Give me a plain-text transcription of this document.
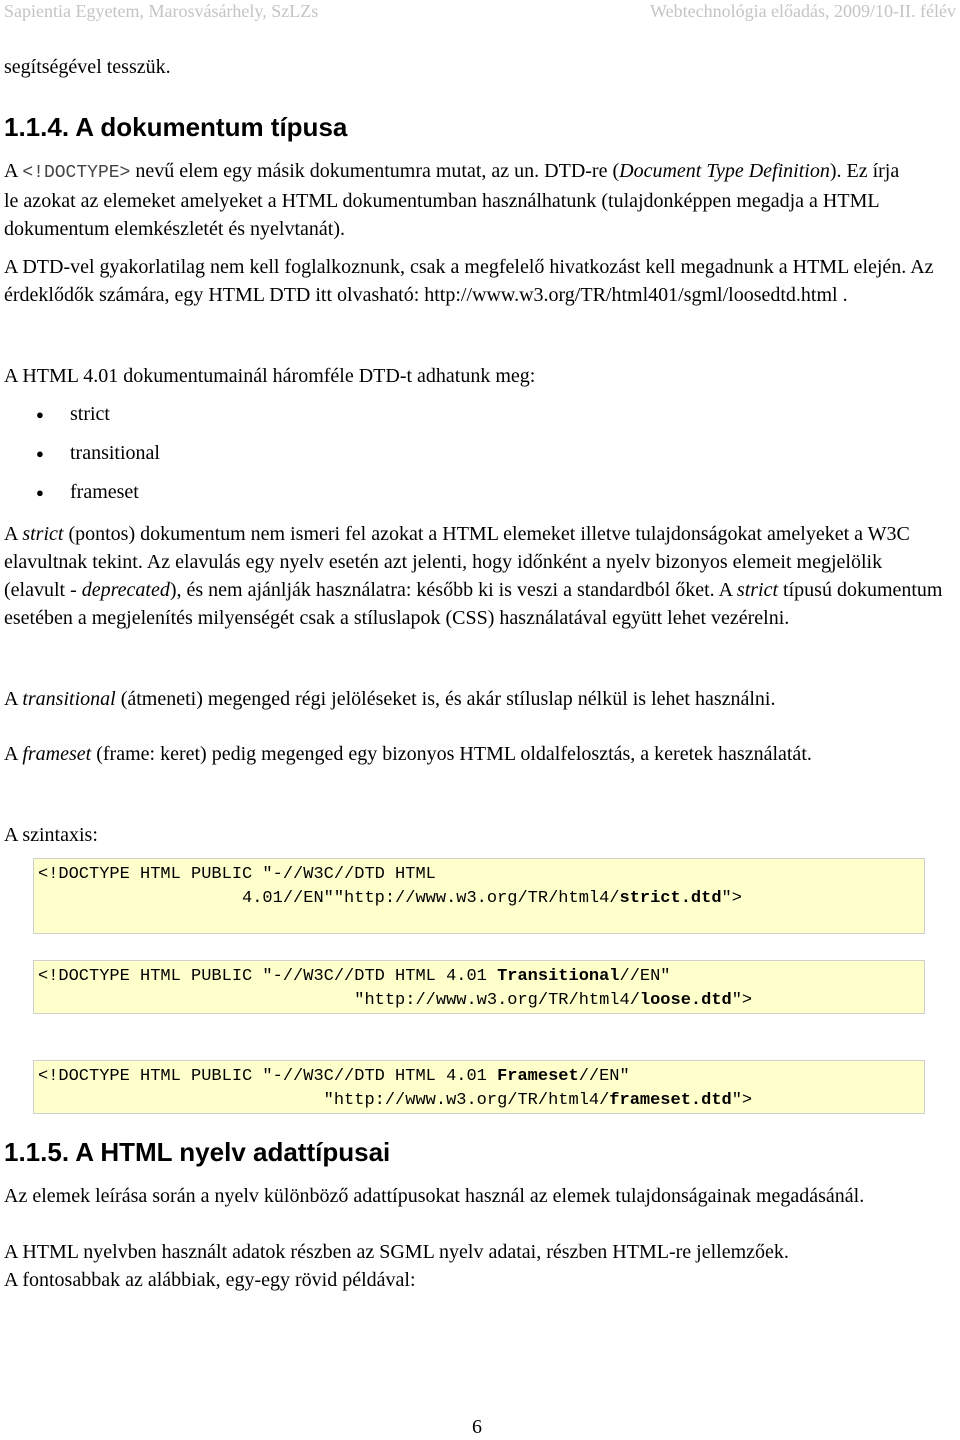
Sapientia Egyetem, Marosvásárhely, SzLZs	Webtechnológia előadás, 2009/10-II. félév

segítségével tesszük.

1.1.4. A dokumentum típusa

A <!DOCTYPE> nevű elem egy másik dokumentumra mutat, az un. DTD-re (Document Type Definition). Ez írja le azokat az elemeket amelyeket a HTML dokumentumban használhatunk (tulajdonképpen megadja a HTML dokumentum elemkészletét és nyelvtanát).

A DTD-vel gyakorlatilag nem kell foglalkoznunk, csak a megfelelő hivatkozást kell megadnunk a HTML elején. Az érdeklődők számára, egy HTML DTD itt olvasható: http://www.w3.org/TR/html401/sgml/loosedtd.html .

A HTML 4.01 dokumentumainál háromféle DTD-t adhatunk meg:

● strict
● transitional
● frameset

A strict (pontos) dokumentum nem ismeri fel azokat a HTML elemeket illetve tulajdonságokat amelyeket a W3C elavultnak tekint. Az elavulás egy nyelv esetén azt jelenti, hogy időnként a nyelv bizonyos elemeit megjelölik (elavult - deprecated), és nem ajánlják használatra: később ki is veszi a standardból őket. A strict típusú dokumentum esetében a megjelenítés milyenségét csak a stíluslapok (CSS) használatával együtt lehet vezérelni.

A transitional (átmeneti) megenged régi jelöléseket is, és akár stíluslap nélkül is lehet használni.

A frameset (frame: keret) pedig megenged egy bizonyos HTML oldalfelosztás, a keretek használatát.

A szintaxis:

<!DOCTYPE HTML PUBLIC "-//W3C//DTD HTML
4.01//EN""http://www.w3.org/TR/html4/strict.dtd">
<!DOCTYPE HTML PUBLIC "-//W3C//DTD HTML 4.01 Transitional//EN"
"http://www.w3.org/TR/html4/loose.dtd">
<!DOCTYPE HTML PUBLIC "-//W3C//DTD HTML 4.01 Frameset//EN"
"http://www.w3.org/TR/html4/frameset.dtd">
1.1.5. A HTML nyelv adattípusai

Az elemek leírása során a nyelv különböző adattípusokat használ az elemek tulajdonságainak megadásánál.

A HTML nyelvben használt adatok részben az SGML nyelv adatai, részben HTML-re jellemzőek.

A fontosabbak az alábbiak, egy-egy rövid példával:

6
